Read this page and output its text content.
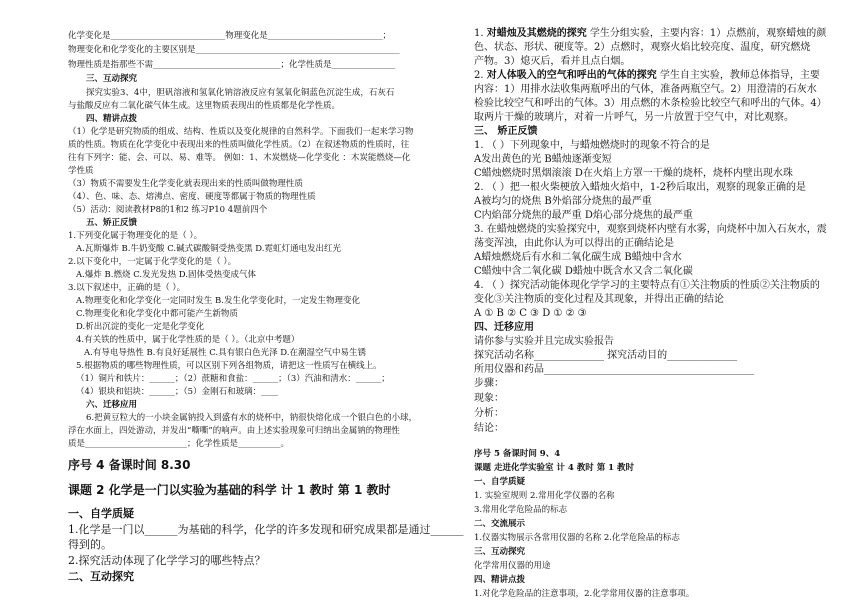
化学变化是___________________________物理变化是___________________________；
物理变化和化学变化的主要区别是________________________________________________
物理性质是指那些不需______________________________；化学性质是_______________
三、互动探究
探究实验3、4中，胆矾溶液和氢氧化钠溶液反应有氢氧化铜蓝色沉淀生成，石灰石
与盐酸反应有二氧化碳气体生成。这里物质表现出的性质都是化学性质。
四、精讲点拨
（1）化学是研究物质的组成、结构、性质以及变化规律的自然科学。下面我们一起来学习物
质的性质。物质在化学变化中表现出来的性质叫做化学性质。（2）在叙述物质的性质时，往
往有下列字：能、会、可以、易、难等。 例如：1、木炭燃烧—化学变化 ：木炭能燃烧—化
学性质
（3）物质不需要发生化学变化就表现出来的性质叫做物理性质
（4）、色、味、态、熔沸点、密度、硬度等都属于物质的物理性质
（5）活动：阅读教材P8的1和2 练习P10 4题前四个
五、矫正反馈
1.下列变化属于物理变化的是（ ）。
A.瓦斯爆炸 B.牛奶变酸 C.碱式碳酸铜受热变黑 D.霓虹灯通电发出红光
2.以下变化中，一定属于化学变化的是（ ）。
A.爆炸 B.燃烧 C.发光发热 D.固体受热变成气体
3.以下叙述中，正确的是（ ）。
A.物理变化和化学变化一定同时发生 B.发生化学变化时，一定发生物理变化
C.物理变化和化学变化中都可能产生新物质
D.析出沉淀的变化一定是化学变化
4.有关铁的性质中，属于化学性质的是（ ）。（北京中考题）
A.有导电导热性 B.有良好延展性 C.具有银白色光泽 D.在潮湿空气中易生锈
5.根据物质的哪些物理性质，可以区别下列各组物质，请把这一性质写在横线上。
（1）铜片和铁片：______；（2）蔗糖和食盐：______；（3）汽油和清水：______；
（4）银块和铝块：______；（5）金刚石和玻璃：____
六、迁移应用
6.把黄豆粒大的一小块金属钠投入到盛有水的烧杯中，钠很快熔化成一个银白色的小球，
浮在水面上，四处游动，并发出“嘶嘶”的响声。由上述实验现象可归纳出金属钠的物理性
质是________________________；化学性质是__________。
序号 4 备课时间 8.30
课题 2 化学是一门以实验为基础的科学 计 1 教时 第 1 教时
一、自学质疑
1.化学是一门以______为基础的科学，化学的许多发现和研究成果都是通过______
得到的。
2.探究活动体现了化学学习的哪些特点？
二、互动探究
1. 对蜡烛及其燃烧的探究 学生分组实验，主要内容：1）点燃前，观察蜡烛的颜
色、状态、形状、硬度等。2）点燃时，观察火焰比较亮度、温度，研究燃烧
产物。3）熄灭后，看并且点白烟。
2. 对人体吸入的空气和呼出的气体的探究 学生自主实验，教师总体指导，主要
内容：1）用排水法收集两瓶呼出的气体，准备两瓶空气。2）用澄清的石灰水
检验比较空气和呼出的气体。3）用点燃的木条检验比较空气和呼出的气体。4）
取两片干燥的玻璃片，对着一片呼气，另一片放置于空气中，对比观察。
三、 矫正反馈
1. （ ）下列现象中，与蜡烛燃烧时的现象不符合的是
A发出黄色的光 B蜡烛逐渐变短
C蜡烛燃烧时黑烟滚滚 D在火焰上方罩一干燥的烧杯，烧杯内壁出现水珠
2. （ ）把一根火柴梗放入蜡烛火焰中，1-2秒后取出，观察的现象正确的是
A被均匀的烧焦 B外焰部分烧焦的最严重
C内焰部分烧焦的最严重 D焰心部分烧焦的最严重
3. 在蜡烛燃烧的实验探究中，观察到烧杯内壁有水雾，向烧杯中加入石灰水，震
荡变浑浊，由此你认为可以得出的正确结论是
A蜡烛燃烧后有水和二氧化碳生成 B蜡烛中含水
C蜡烛中含二氧化碳 D蜡烛中既含水又含二氧化碳
4. （ ）探究活动能体现化学学习的主要特点有①关注物质的性质②关注物质的
变化③关注物质的变化过程及其现象，并得出正确的结论
A ① B ② C ③ D ① ② ③
四、迁移应用
请你参与实验并且完成实验报告
探究活动名称______________ 探究活动目的______________
所用仪器和药品__________________________________________
步骤：
现象：
分析：
结论：
序号 5 备课时间 9、4
课题 走进化学实验室 计 4 教时 第 1 教时
一、自学质疑
1. 实验室规则 2.常用化学仪器的名称
3.常用化学危险品的标志
二、交流展示
1.仪器实物展示各常用仪器的名称 2.化学危险品的标志
三、互动探究
化学常用仪器的用途
四、精讲点拨
1.对化学危险品的注意事项，2.化学常用仪器的注意事项。
